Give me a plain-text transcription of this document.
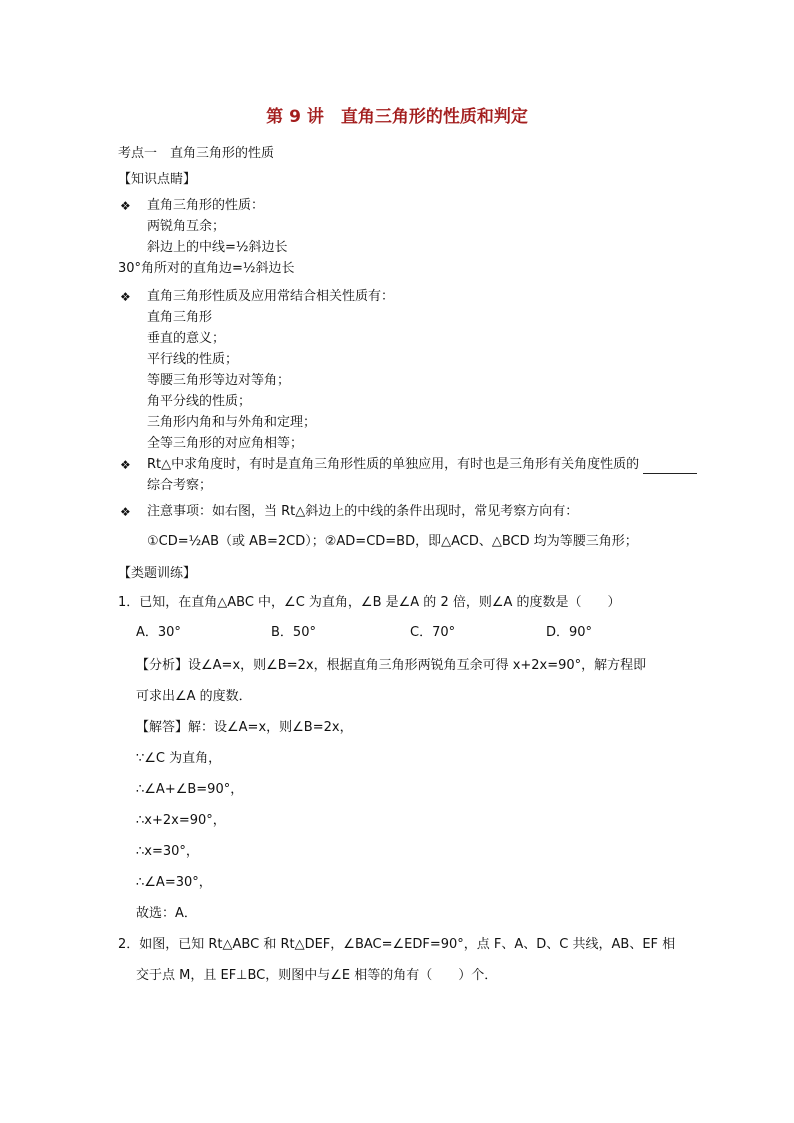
第 9 讲　直角三角形的性质和判定
考点一　直角三角形的性质
【知识点睛】
❖ 直角三角形的性质：
两锐角互余；
斜边上的中线=½斜边长
30°角所对的直角边=½斜边长
❖ 直角三角形性质及应用常结合相关性质有：
直角三角形
垂直的意义；
平行线的性质；
等腰三角形等边对等角；
角平分线的性质；
三角形内角和与外角和定理；
全等三角形的对应角相等；
❖ Rt△中求角度时，有时是直角三角形性质的单独应用，有时也是三角形有关角度性质的
综合考察；
❖ 注意事项：如右图，当 Rt△斜边上的中线的条件出现时，常见考察方向有：
①CD=½AB（或 AB=2CD）；②AD=CD=BD，即△ACD、△BCD 均为等腰三角形；
【类题训练】
1．已知，在直角△ABC 中，∠C 为直角，∠B 是∠A 的 2 倍，则∠A 的度数是（　　）
A．30°	B．50°	C．70°	D．90°
【分析】设∠A=x，则∠B=2x，根据直角三角形两锐角互余可得 x+2x=90°，解方程即
可求出∠A 的度数．
【解答】解：设∠A=x，则∠B=2x，
∵∠C 为直角，
∴∠A+∠B=90°，
∴x+2x=90°，
∴x=30°，
∴∠A=30°，
故选：A．
2．如图，已知 Rt△ABC 和 Rt△DEF，∠BAC=∠EDF=90°，点 F、A、D、C 共线，AB、EF 相
交于点 M，且 EF⊥BC，则图中与∠E 相等的角有（　　）个．
